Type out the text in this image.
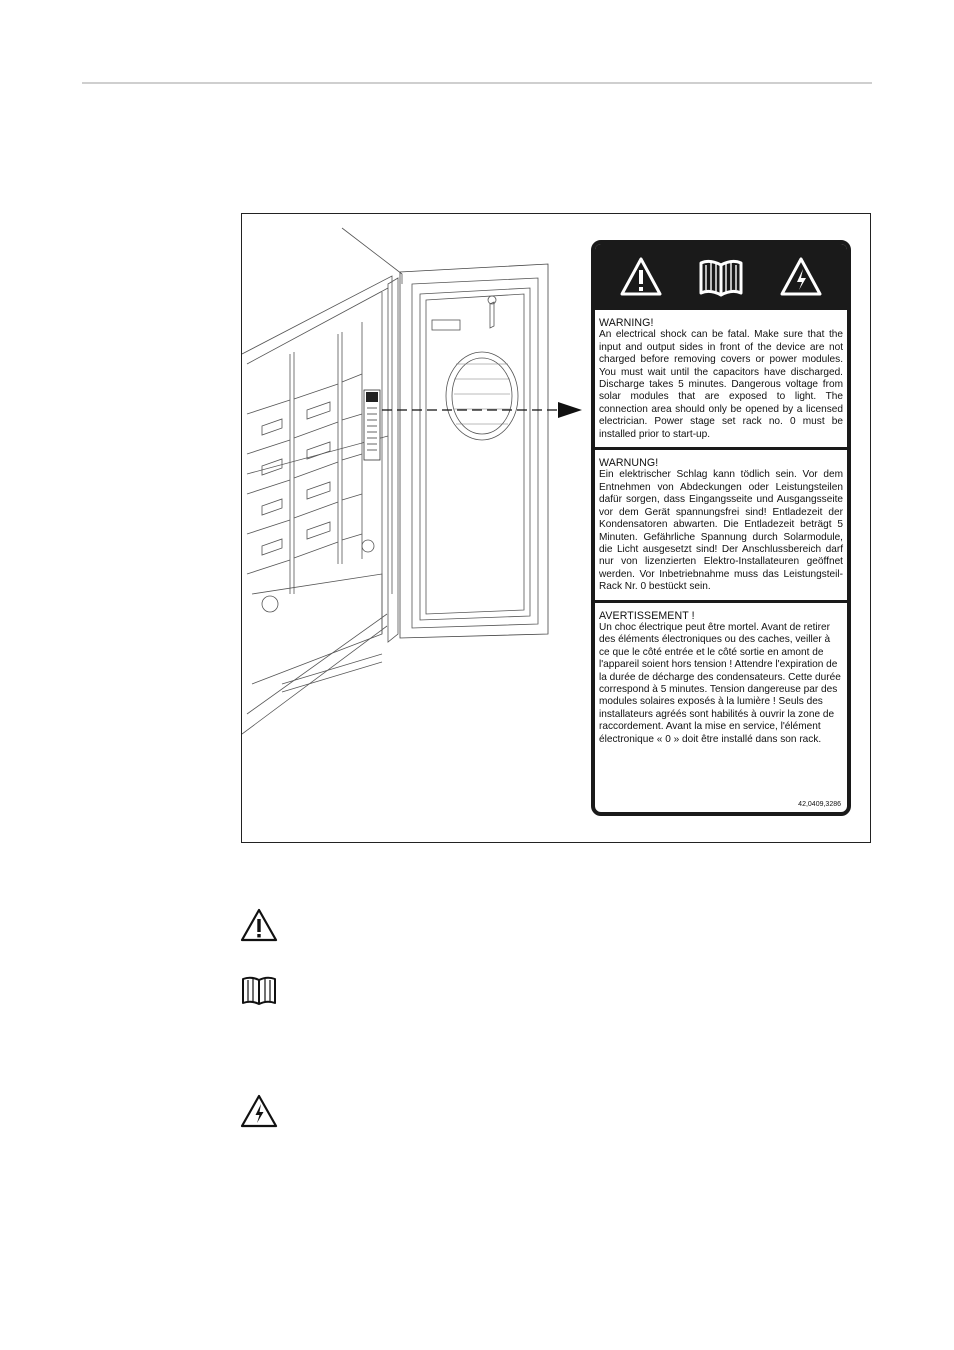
WARNING!
An electrical shock can be fatal. Make sure that the input and output sides in front of the device are not charged before removing covers or power modules. You must wait until the capacitors have discharged. Discharge takes 5 minutes. Dangerous voltage from solar modules that are exposed to light. The connection area should only be opened by a licensed electrician. Power stage set rack no. 0 must be installed prior to start-up.
WARNUNG!
Ein elektrischer Schlag kann tödlich sein. Vor dem Entnehmen von Abdeckungen oder Leistungsteilen dafür sorgen, dass Eingangsseite und Ausgangsseite vor dem Gerät spannungsfrei sind! Entladezeit der Kondensatoren abwarten. Die Entladezeit beträgt 5 Minuten. Gefährliche Spannung durch Solarmodule, die Licht ausgesetzt sind! Der Anschlussbereich darf nur von lizenzierten Elektro-Installateuren geöffnet werden. Vor Inbetriebnahme muss das Leistungsteil-Rack Nr. 0 bestückt sein.
AVERTISSEMENT !
Un choc électrique peut être mortel. Avant de retirer des éléments électroniques ou des caches, veiller à ce que le côté entrée et le côté sortie en amont de l'appareil soient hors tension ! Attendre l'expiration de la durée de décharge des condensateurs. Cette durée correspond à 5 minutes. Tension dangereuse par des modules solaires exposés à la lumière ! Seuls des installateurs agréés sont habilités à ouvrir la zone de raccordement. Avant la mise en service, l'élément électronique « 0 » doit être installé dans son rack.
42,0409,3286
